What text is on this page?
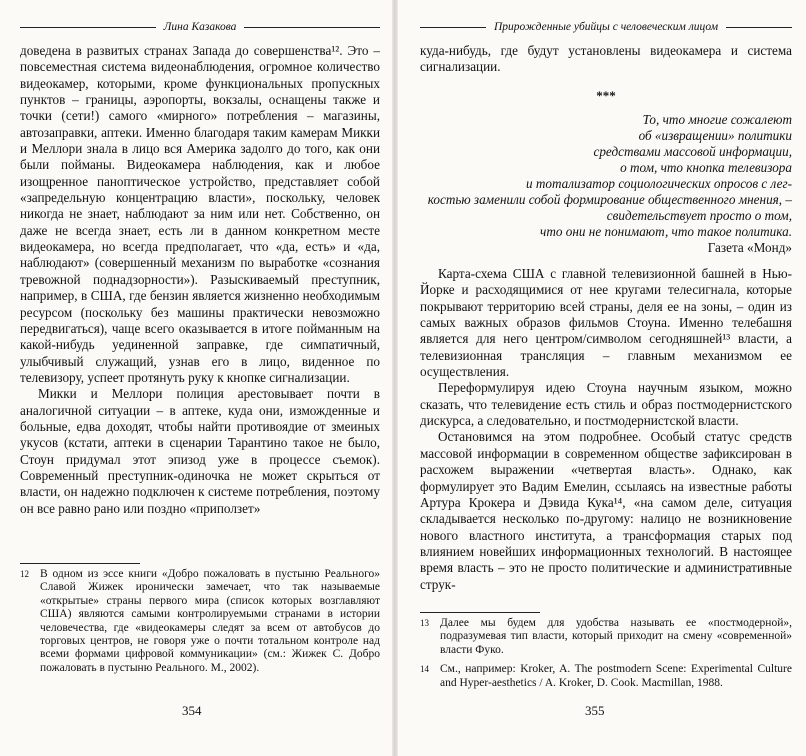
Лина Казакова

доведена в развитых странах Запада до совершенства¹². Это – повсеместная система видеонаблюдения, огромное количество видеокамер, которыми, кроме функциональных пропускных пунктов – границы, аэропорты, вокзалы, оснащены также и точки (сети!) самого «мирного» потребления – магазины, автозаправки, аптеки. Именно благодаря таким камерам Микки и Меллори знала в лицо вся Америка задолго до того, как они были пойманы. Видеокамера наблюдения, как и любое изощренное паноптическое устройство, представляет собой «запредельную концентрацию власти», поскольку, человек никогда не знает, наблюдают за ним или нет. Собственно, он даже не всегда знает, есть ли в данном конкретном месте видеокамера, но всегда предполагает, что «да, есть» и «да, наблюдают» (совершенный механизм по выработке «сознания тревожной поднадзорности»). Разыскиваемый преступник, например, в США, где бензин является жизненно необходимым ресурсом (поскольку без машины практически невозможно передвигаться), чаще всего оказывается в итоге пойманным на какой-нибудь уединенной заправке, где симпатичный, улыбчивый служащий, узнав его в лицо, виденное по телевизору, успеет протянуть руку к кнопке сигнализации.

Микки и Меллори полиция арестовывает почти в аналогичной ситуации – в аптеке, куда они, изможденные и больные, едва доходят, чтобы найти противоядие от змеиных укусов (кстати, аптеки в сценарии Тарантино такое не было, Стоун придумал этот эпизод уже в процессе съемок). Современный преступник-одиночка не может скрыться от власти, он надежно подключен к системе потребления, поэтому он все равно рано или поздно «приползет»

12 В одном из эссе книги «Добро пожаловать в пустыню Реального» Славой Жижек иронически замечает, что так называемые «открытые» страны первого мира (список которых возглавляют США) являются самыми контролируемыми странами в истории человечества, где «видеокамеры следят за всем от автобусов до торговых центров, не говоря уже о почти тотальном контроле над всеми формами цифровой коммуникации» (см.: Жижек С. Добро пожаловать в пустыню Реального. М., 2002).
354
Прирожденные убийцы с человеческим лицом

куда-нибудь, где будут установлены видеокамера и система сигнализации.

***
То, что многие сожалеют
об «извращении» политики
средствами массовой информации,
о том, что кнопка телевизора
и тотализатор социологических опросов с лег-
костью заменили собой формирование общественного мнения, – свидетельствует просто о том,
что они не понимают, что такое политика.
Газета «Монд»

Карта-схема США с главной телевизионной башней в Нью-Йорке и расходящимися от нее кругами телесигнала, которые покрывают территорию всей страны, деля ее на зоны, – один из самых важных образов фильмов Стоуна. Именно телебашня является для него центром/символом сегодняшней¹³ власти, а телевизионная трансляция – главным механизмом ее осуществления.

Переформулируя идею Стоуна научным языком, можно сказать, что телевидение есть стиль и образ постмодернистского дискурса, а следовательно, и постмодернистской власти.

Остановимся на этом подробнее. Особый статус средств массовой информации в современном обществе зафиксирован в расхожем выражении «четвертая власть». Однако, как формулирует это Вадим Емелин, ссылаясь на известные работы Артура Крокера и Дэвида Кука¹⁴, «на самом деле, ситуация складывается несколько по-другому: налицо не возникновение нового властного института, а трансформация старых под влиянием новейших информационных технологий. В настоящее время власть – это не просто политические и административные струк-

13 Далее мы будем для удобства называть ее «постмодерной», подразумевая тип власти, который приходит на смену «современной» власти Фуко.
14 См., например: Kroker, A. The postmodern Scene: Experimental Culture and Hyper-aesthetics / A. Kroker, D. Cook. Macmillan, 1988.
355
